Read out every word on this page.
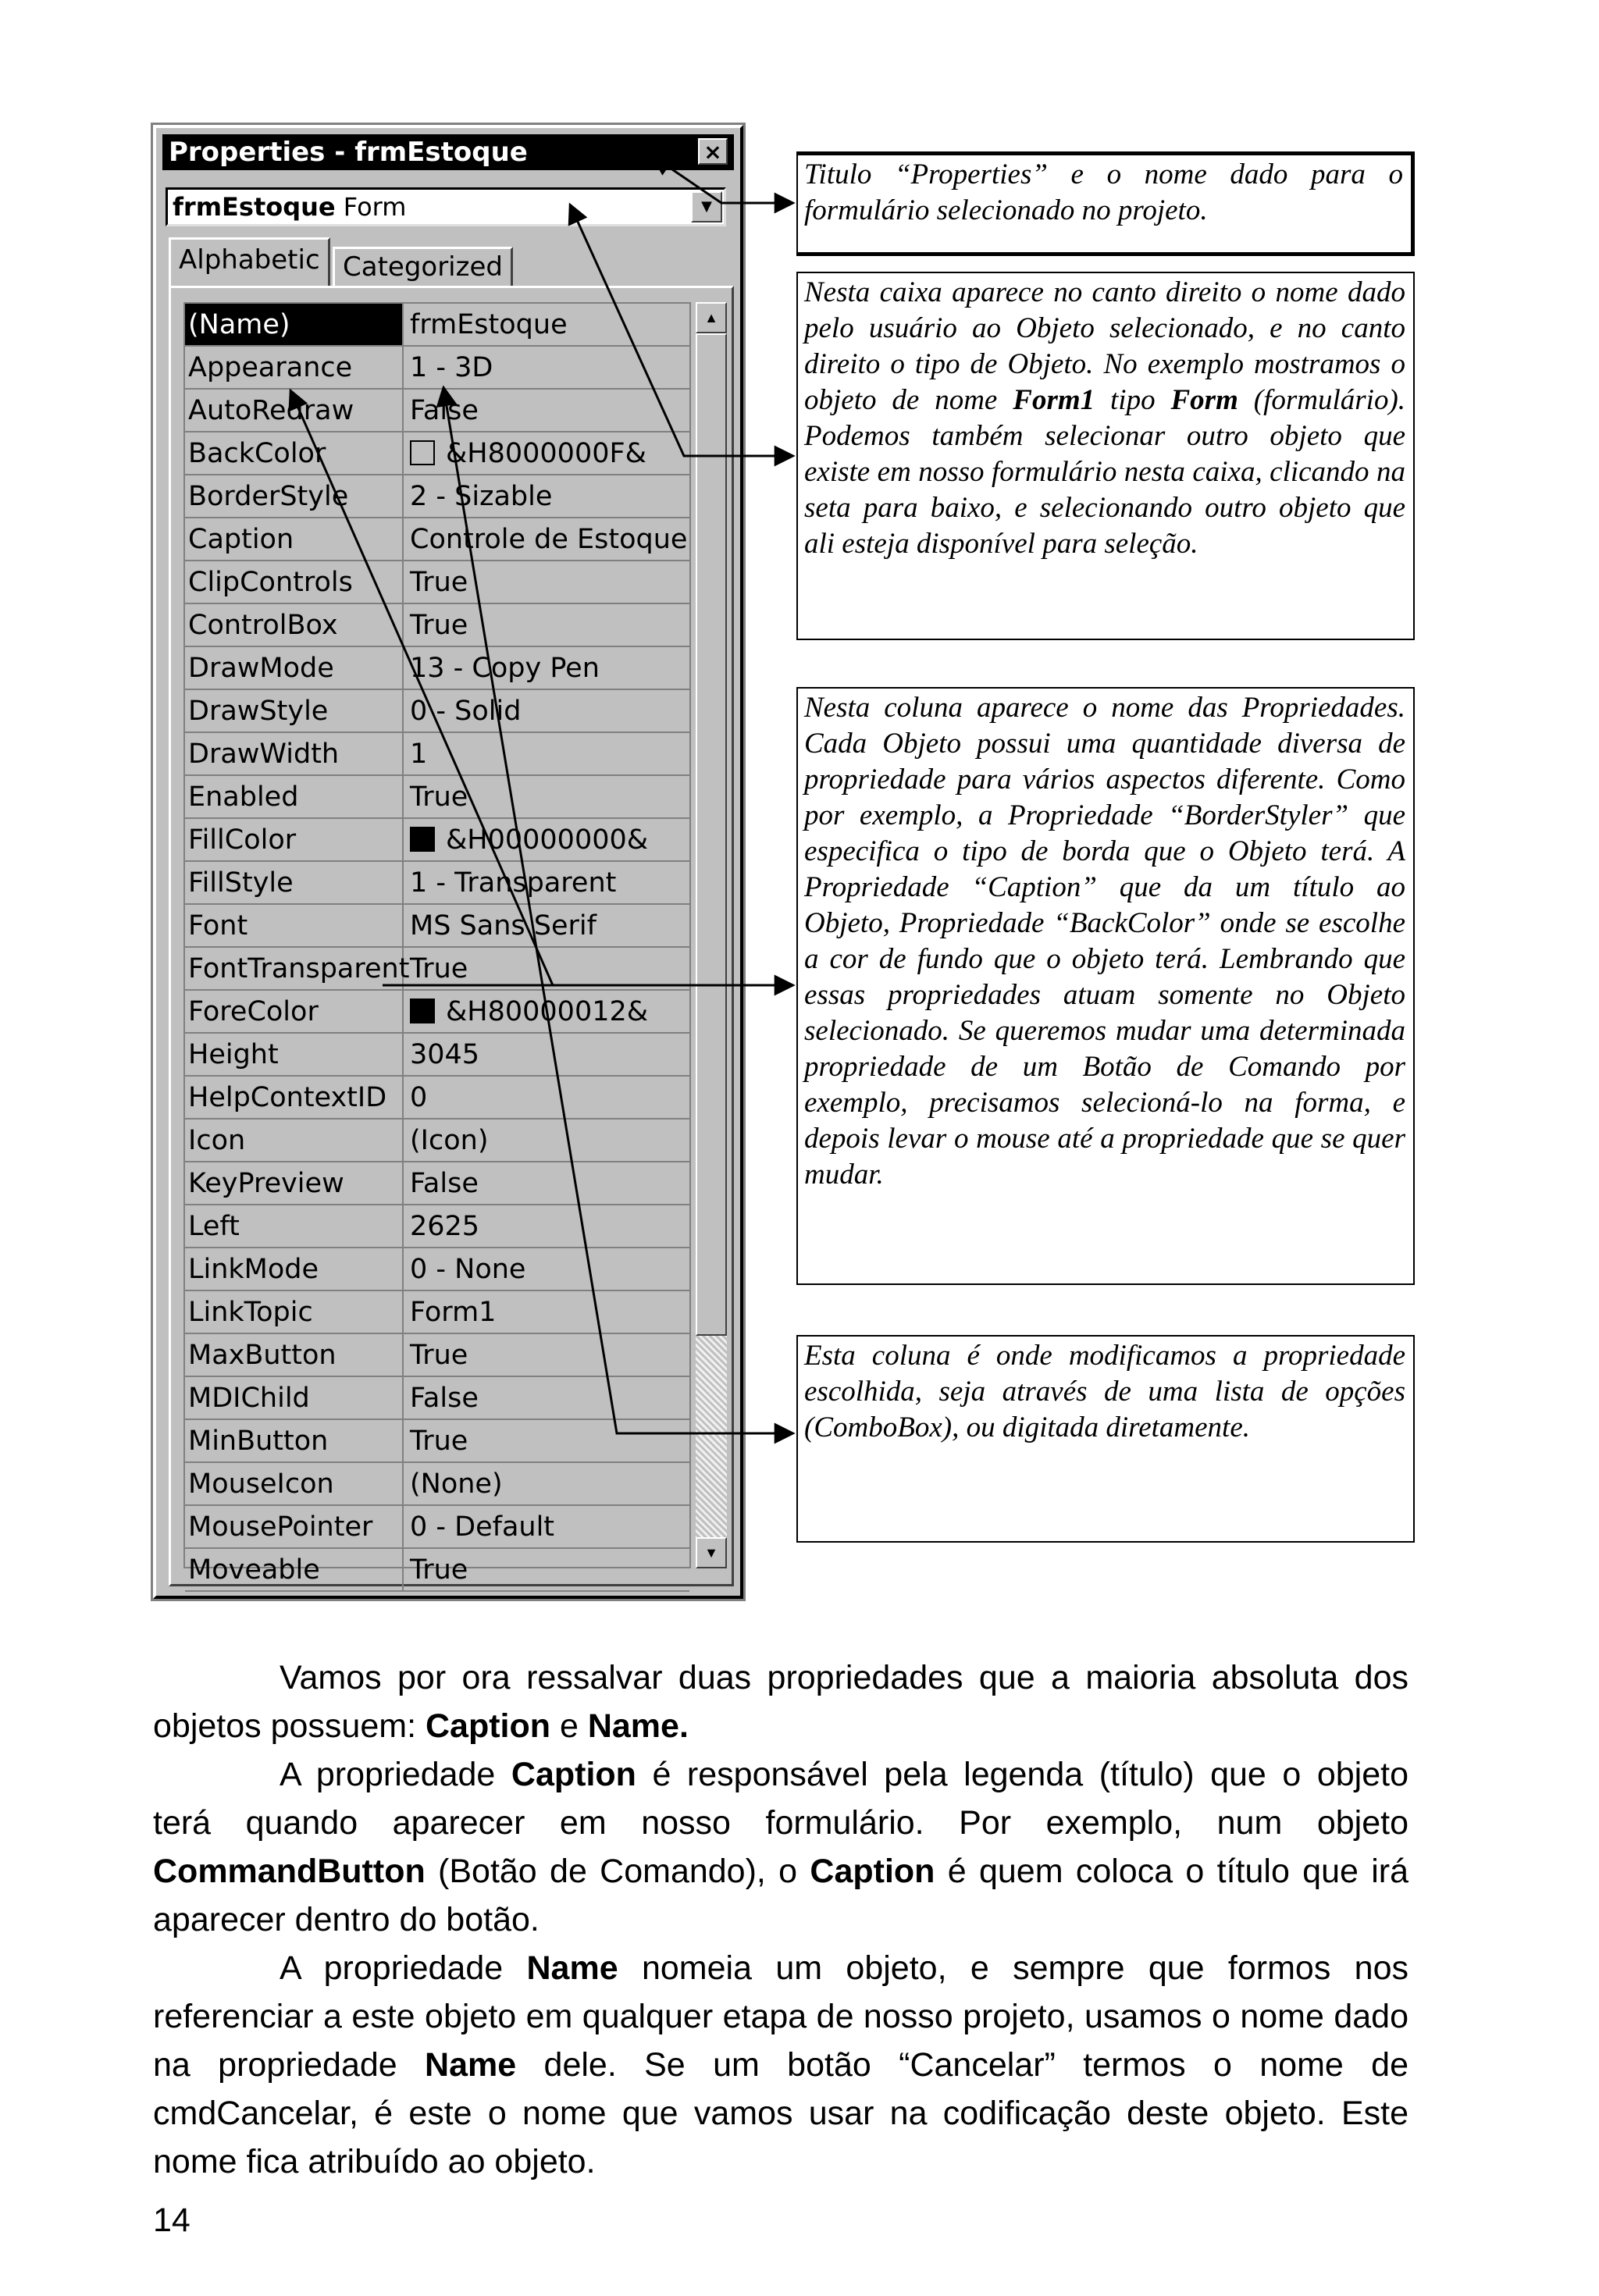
Properties - frmEstoque	×
frmEstoque Form	▼
Alphabetic Categorized
(Name)	frmEstoque
Appearance	1 - 3D
AutoRedraw	False
BackColor	&H8000000F&
BorderStyle	2 - Sizable
Caption	Controle de Estoque
ClipControls	True
ControlBox	True
DrawMode	13 - Copy Pen
DrawStyle	0 - Solid
DrawWidth	1
Enabled	True
FillColor	&H00000000&
FillStyle	1 - Transparent
Font	MS Sans Serif
FontTransparent True
ForeColor	&H80000012&
Height	3045
HelpContextID 0
Icon	(Icon)
KeyPreview	False
Left	2625
LinkMode	0 - None
LinkTopic	Form1
MaxButton	True
MDIChild	False
MinButton	True
MouseIcon	(None)
MousePointer	0 - Default
Moveable	True
▲
▼
Titulo “Properties” e o nome dado para o formulário selecionado no projeto.
Nesta caixa aparece no canto direito o nome dado pelo usuário ao Objeto selecionado, e no canto direito o tipo de Objeto. No exemplo mostramos o objeto de nome Form1 tipo Form (formulário). Podemos também selecionar outro objeto que existe em nosso formulário nesta caixa, clicando na seta para baixo, e selecionando outro objeto que ali esteja disponível para seleção.
Nesta coluna aparece o nome das Propriedades. Cada Objeto possui uma quantidade diversa de propriedade para vários aspectos diferente. Como por exemplo, a Propriedade “BorderStyler” que especifica o tipo de borda que o Objeto terá. A Propriedade “Caption” que da um título ao Objeto, Propriedade “BackColor” onde se escolhe a cor de fundo que o objeto terá. Lembrando que essas propriedades atuam somente no Objeto selecionado. Se queremos mudar uma determinada propriedade de um Botão de Comando por exemplo, precisamos selecioná-lo na forma, e depois levar o mouse até a propriedade que se quer mudar.
Esta coluna é onde modificamos a propriedade escolhida, seja através de uma lista de opções (ComboBox), ou digitada diretamente.

Vamos por ora ressalvar duas propriedades que a maioria absoluta dos objetos possuem: Caption e Name.

A propriedade Caption é responsável pela legenda (título) que o objeto terá quando aparecer em nosso formulário. Por exemplo, num objeto CommandButton (Botão de Comando), o Caption é quem coloca o título que irá aparecer dentro do botão.

A propriedade Name nomeia um objeto, e sempre que formos nos referenciar a este objeto em qualquer etapa de nosso projeto, usamos o nome dado na propriedade Name dele. Se um botão “Cancelar” termos o nome de cmdCancelar, é este o nome que vamos usar na codificação deste objeto. Este nome fica atribuído ao objeto.

14
